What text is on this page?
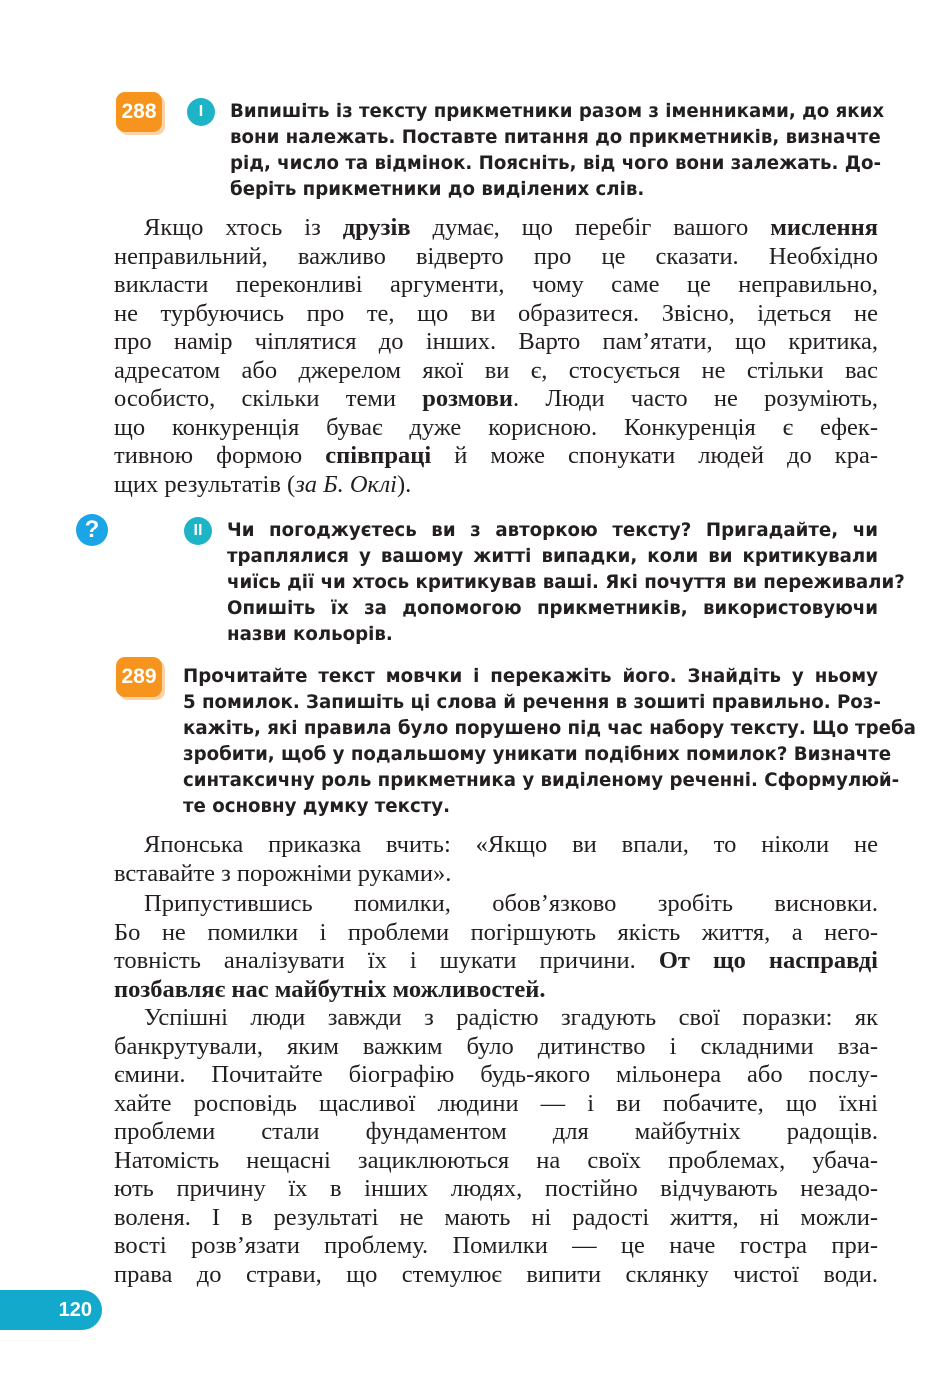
288	I	Випишіть із тексту прикметники разом з іменниками, до яких
вони належать. Поставте питання до прикметників, визначте
рід, число та відмінок. Поясніть, від чого вони залежать. До-
беріть прикметники до виділених слів.
Якщо хтось із друзів думає, що перебіг вашого мислення
неправильний, важливо відверто про це сказати. Необхідно
викласти переконливі аргументи, чому саме це неправильно,
не турбуючись про те, що ви образитеся. Звісно, ідеться не
про намір чіплятися до інших. Варто пам’ятати, що критика,
адресатом або джерелом якої ви є, стосується не стільки вас
особисто, скільки теми розмови. Люди часто не розуміють,
що конкуренція буває дуже корисною. Конкуренція є ефек-
тивною формою співпраці й може спонукати людей до кра-
щих результатів (за Б. Оклі).
?	II	Чи погоджуєтесь ви з авторкою тексту? Пригадайте, чи
траплялися у вашому житті випадки, коли ви критикували
чиїсь дії чи хтось критикував ваші. Які почуття ви переживали?
Опишіть їх за допомогою прикметників, використовуючи
назви кольорів.
289	Прочитайте текст мовчки і перекажіть його. Знайдіть у ньому
5 помилок. Запишіть ці слова й речення в зошиті правильно. Роз-
кажіть, які правила було порушено під час набору тексту. Що треба
зробити, щоб у подальшому уникати подібних помилок? Визначте
синтаксичну роль прикметника у виділеному реченні. Сформулюй-
те основну думку тексту.
Японська приказка вчить: «Якщо ви впали, то ніколи не
вставайте з порожніми руками».
Припустившись помилки, обов’язково зробіть висновки.
Бо не помилки і проблеми погіршують якість життя, а него-
товність аналізувати їх і шукати причини. От що насправді
позбавляє нас майбутніх можливостей.
Успішні люди завжди з радістю згадують свої поразки: як
банкрутували, яким важким було дитинство і складними вза-
ємини. Почитайте біографію будь-якого мільонера або послу-
хайте росповідь щасливої людини — і ви побачите, що їхні
проблеми стали фундаментом для майбутніх радощів.
Натомість нещасні зациклюються на своїх проблемах, убача-
ють причину їх в інших людях, постійно відчувають незадо-
воленя. І в результаті не мають ні радості життя, ні можли-
вості розв’язати проблему. Помилки — це наче гостра при-
права до страви, що стемулює випити склянку чистої води.
120
